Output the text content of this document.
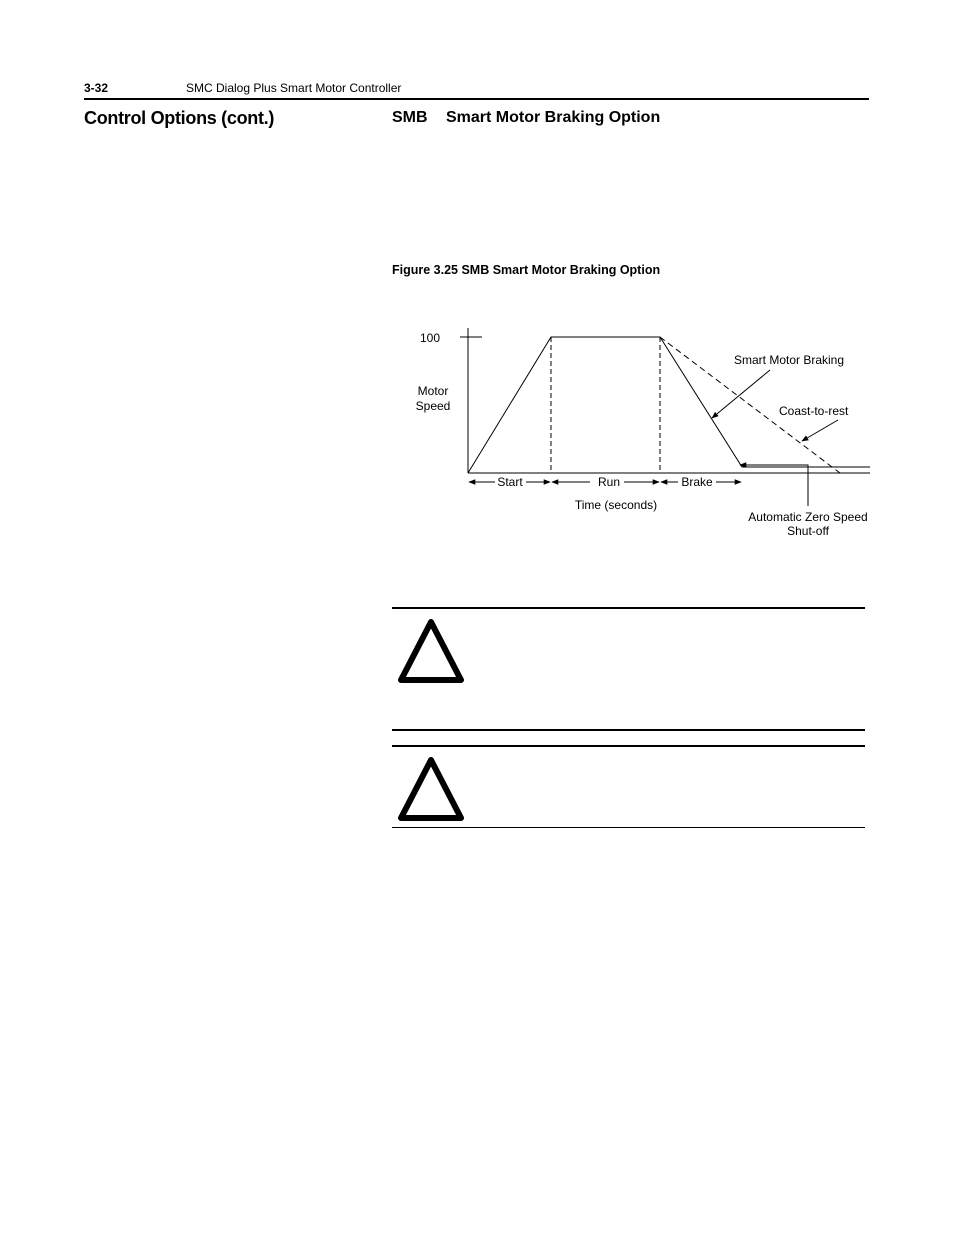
3-32	SMC Dialog Plus Smart Motor Controller
Control Options (cont.)	SMB Smart Motor Braking Option
Figure 3.25 SMB Smart Motor Braking Option
100
Motor
Speed
Smart Motor Braking
Coast-to-rest
Start	Run	Brake
Time (seconds)
Automatic Zero Speed
Shut-off
